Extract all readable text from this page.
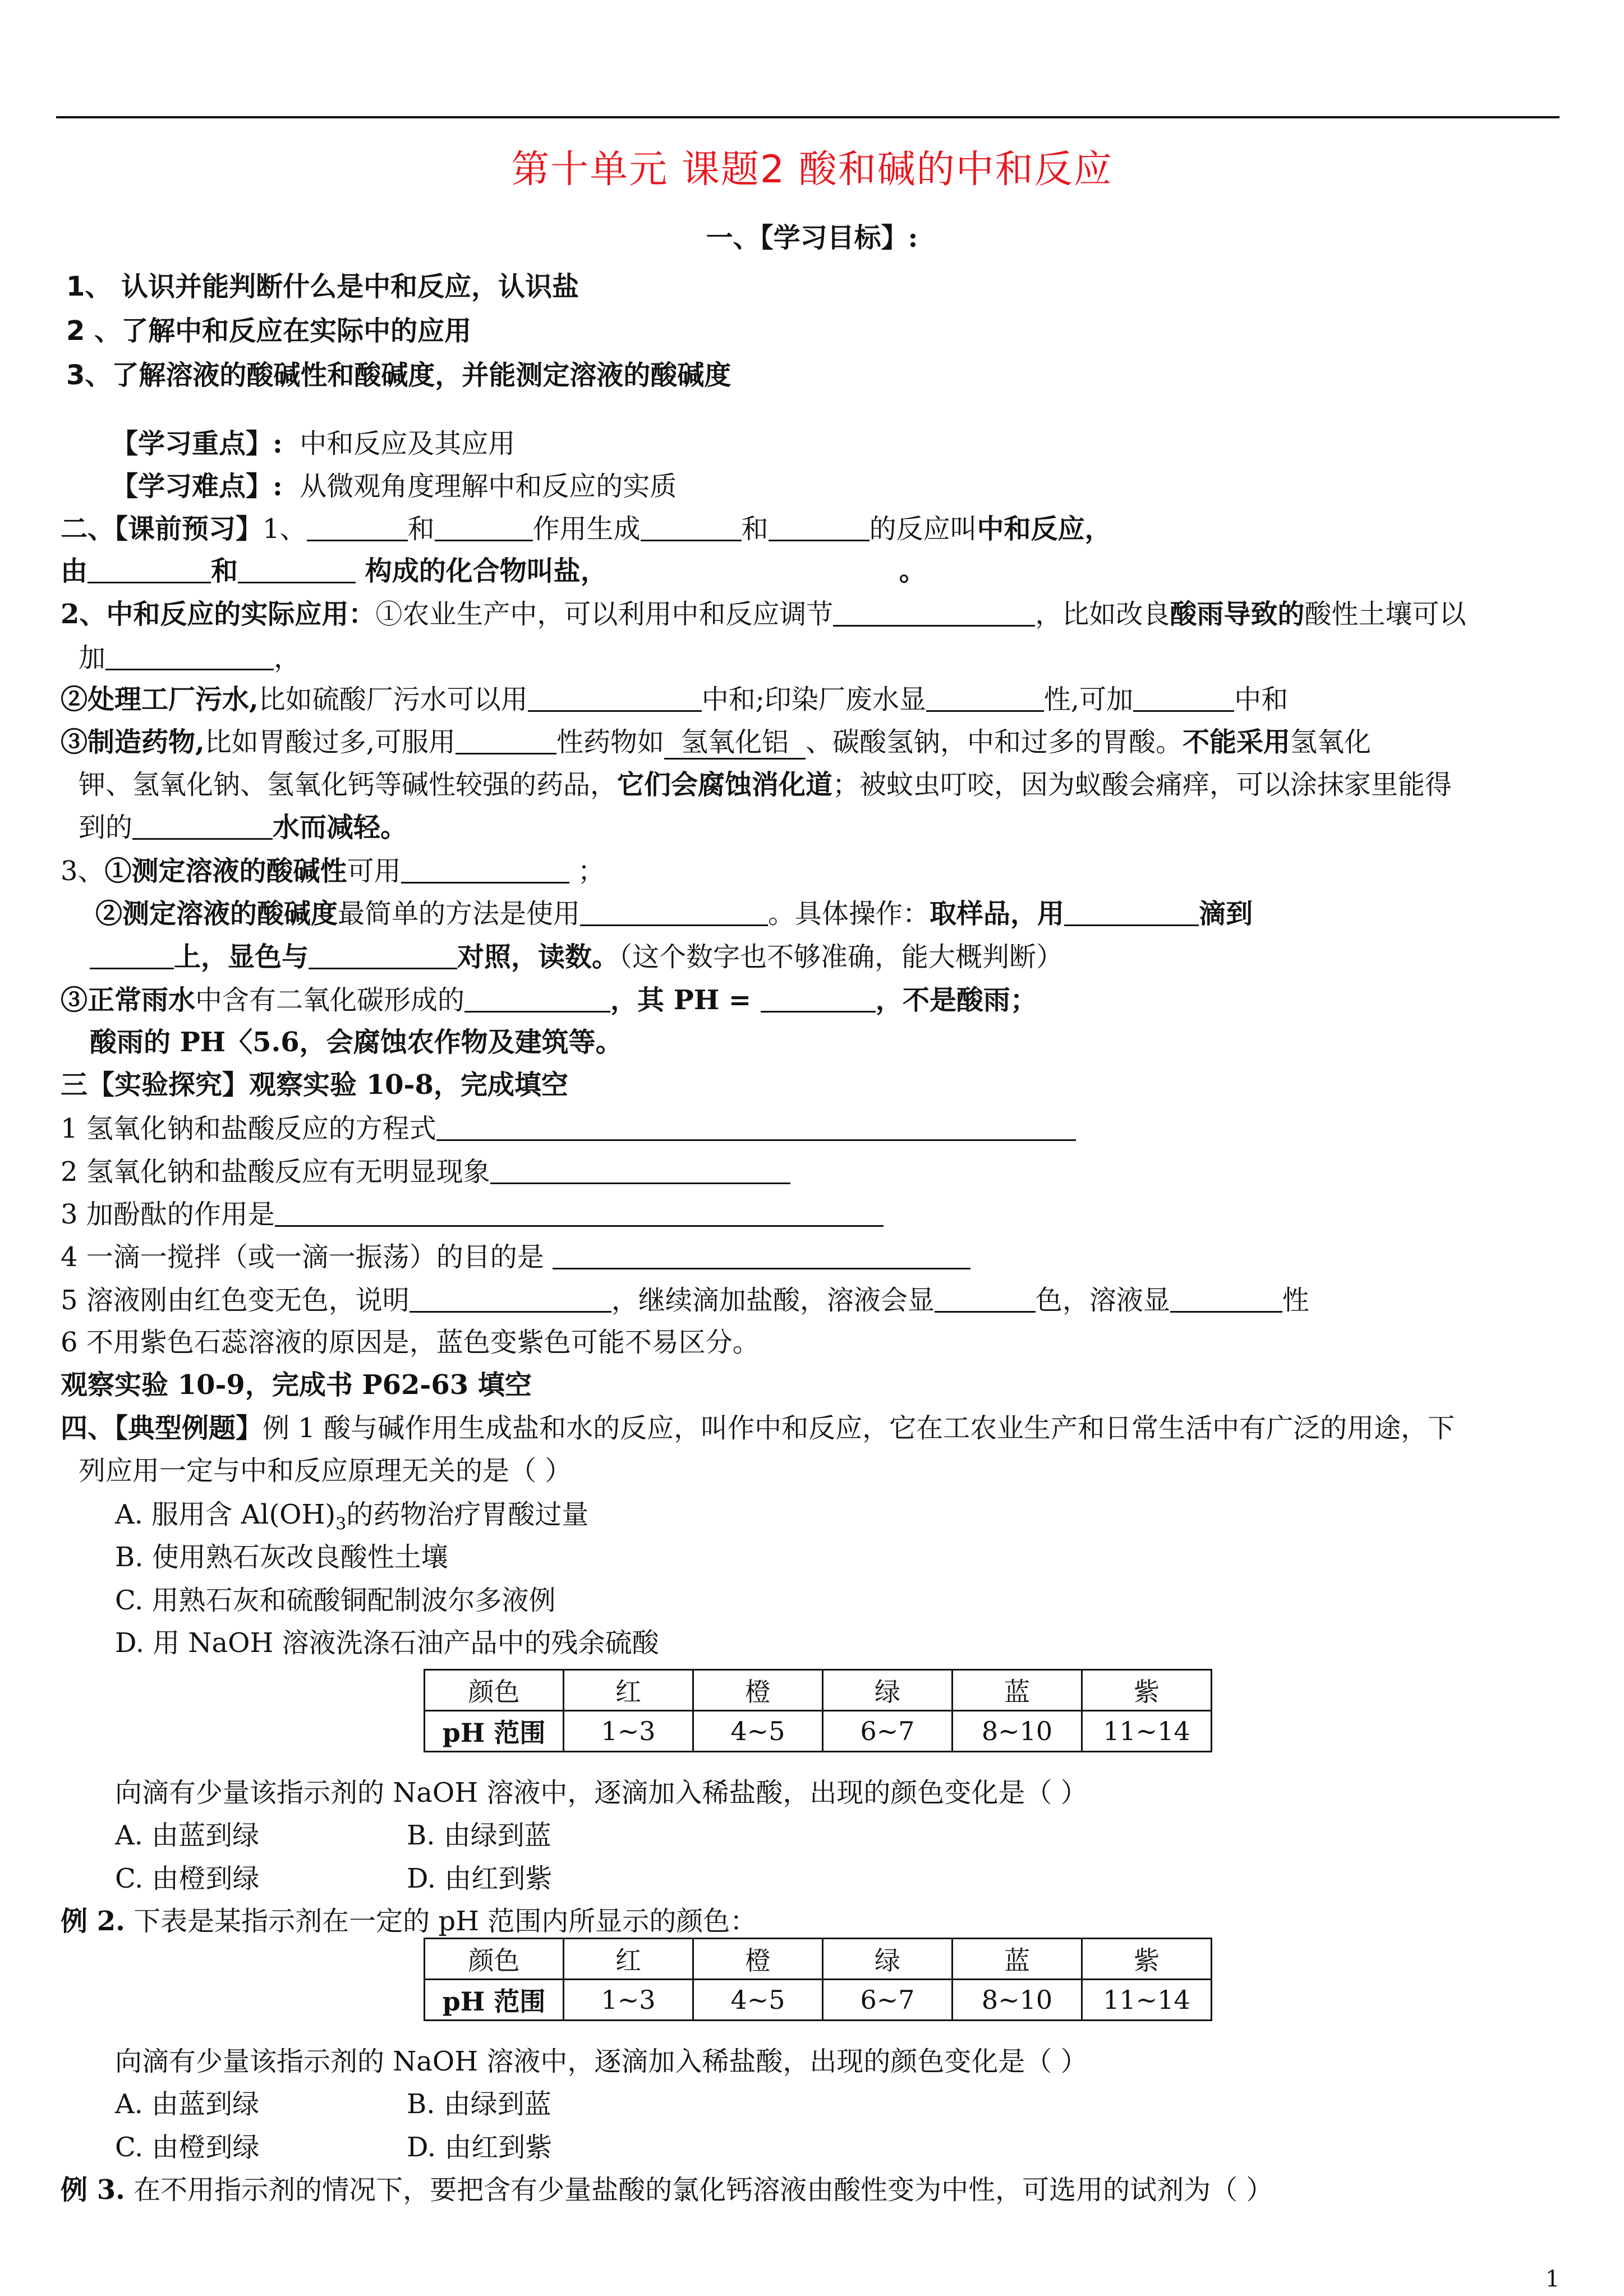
第十单元 课题2 酸和碱的中和反应
一、【学习目标】:
1、 认识并能判断什么是中和反应，认识盐
2 、了解中和反应在实际中的应用
3、了解溶液的酸碱性和酸碱度，并能测定溶液的酸碱度
【学习重点】: 中和反应及其应用
【学习难点】: 从微观角度理解中和反应的实质
二、【课前预习】1、	和	作用生成	和	的反应叫中和反应，
由	和	构成的化合物叫盐，	。
2、中和反应的实际应用：①农业生产中，可以利用中和反应调节	，比如改良酸雨导致的酸性土壤可以
加	，
②处理工厂污水,比如硫酸厂污水可以用	中和;印染厂废水显	性,可加	中和
③制造药物,比如胃酸过多,可服用	性药物如 氢氧化铝 、碳酸氢钠，中和过多的胃酸。不能采用氢氧化
钾、氢氧化钠、氢氧化钙等碱性较强的药品，它们会腐蚀消化道；被蚊虫叮咬，因为蚁酸会痛痒，可以涂抹家里能得
到的	水而减轻。
3、①测定溶液的酸碱性可用	；
②测定溶液的酸碱度最简单的方法是使用	。具体操作：取样品，用	滴到
上，显色与	对照，读数。（这个数字也不够准确，能大概判断）
③正常雨水中含有二氧化碳形成的	，其 PH =	，不是酸雨；
酸雨的 PH〈5.6，会腐蚀农作物及建筑等。
三【实验探究】观察实验 10-8，完成填空
1 氢氧化钠和盐酸反应的方程式
2 氢氧化钠和盐酸反应有无明显现象
3 加酚酞的作用是
4 一滴一搅拌（或一滴一振荡）的目的是
5 溶液刚由红色变无色，说明	，继续滴加盐酸，溶液会显	色，溶液显	性
6 不用紫色石蕊溶液的原因是，蓝色变紫色可能不易区分。
观察实验 10-9，完成书 P62-63 填空
四、【典型例题】例 1 酸与碱作用生成盐和水的反应，叫作中和反应，它在工农业生产和日常生活中有广泛的用途，下
列应用一定与中和反应原理无关的是（ ）
A. 服用含 $Al(OH)_3$的药物治疗胃酸过量
B. 使用熟石灰改良酸性土壤
C. 用熟石灰和硫酸铜配制波尔多液例
D. 用 NaOH 溶液洗涤石油产品中的残余硫酸
颜色	红	橙	绿	蓝	紫
pH 范围	1~3	4~5	6~7	8~10	11~14
向滴有少量该指示剂的 NaOH 溶液中，逐滴加入稀盐酸，出现的颜色变化是（ ）
A. 由蓝到绿	B. 由绿到蓝
C. 由橙到绿	D. 由红到紫
例 2. 下表是某指示剂在一定的 pH 范围内所显示的颜色：
颜色	红	橙	绿	蓝	紫
pH 范围	1~3	4~5	6~7	8~10	11~14
向滴有少量该指示剂的 NaOH 溶液中，逐滴加入稀盐酸，出现的颜色变化是（ ）
A. 由蓝到绿	B. 由绿到蓝
C. 由橙到绿	D. 由红到紫
例 3. 在不用指示剂的情况下，要把含有少量盐酸的氯化钙溶液由酸性变为中性，可选用的试剂为（ ）
1
